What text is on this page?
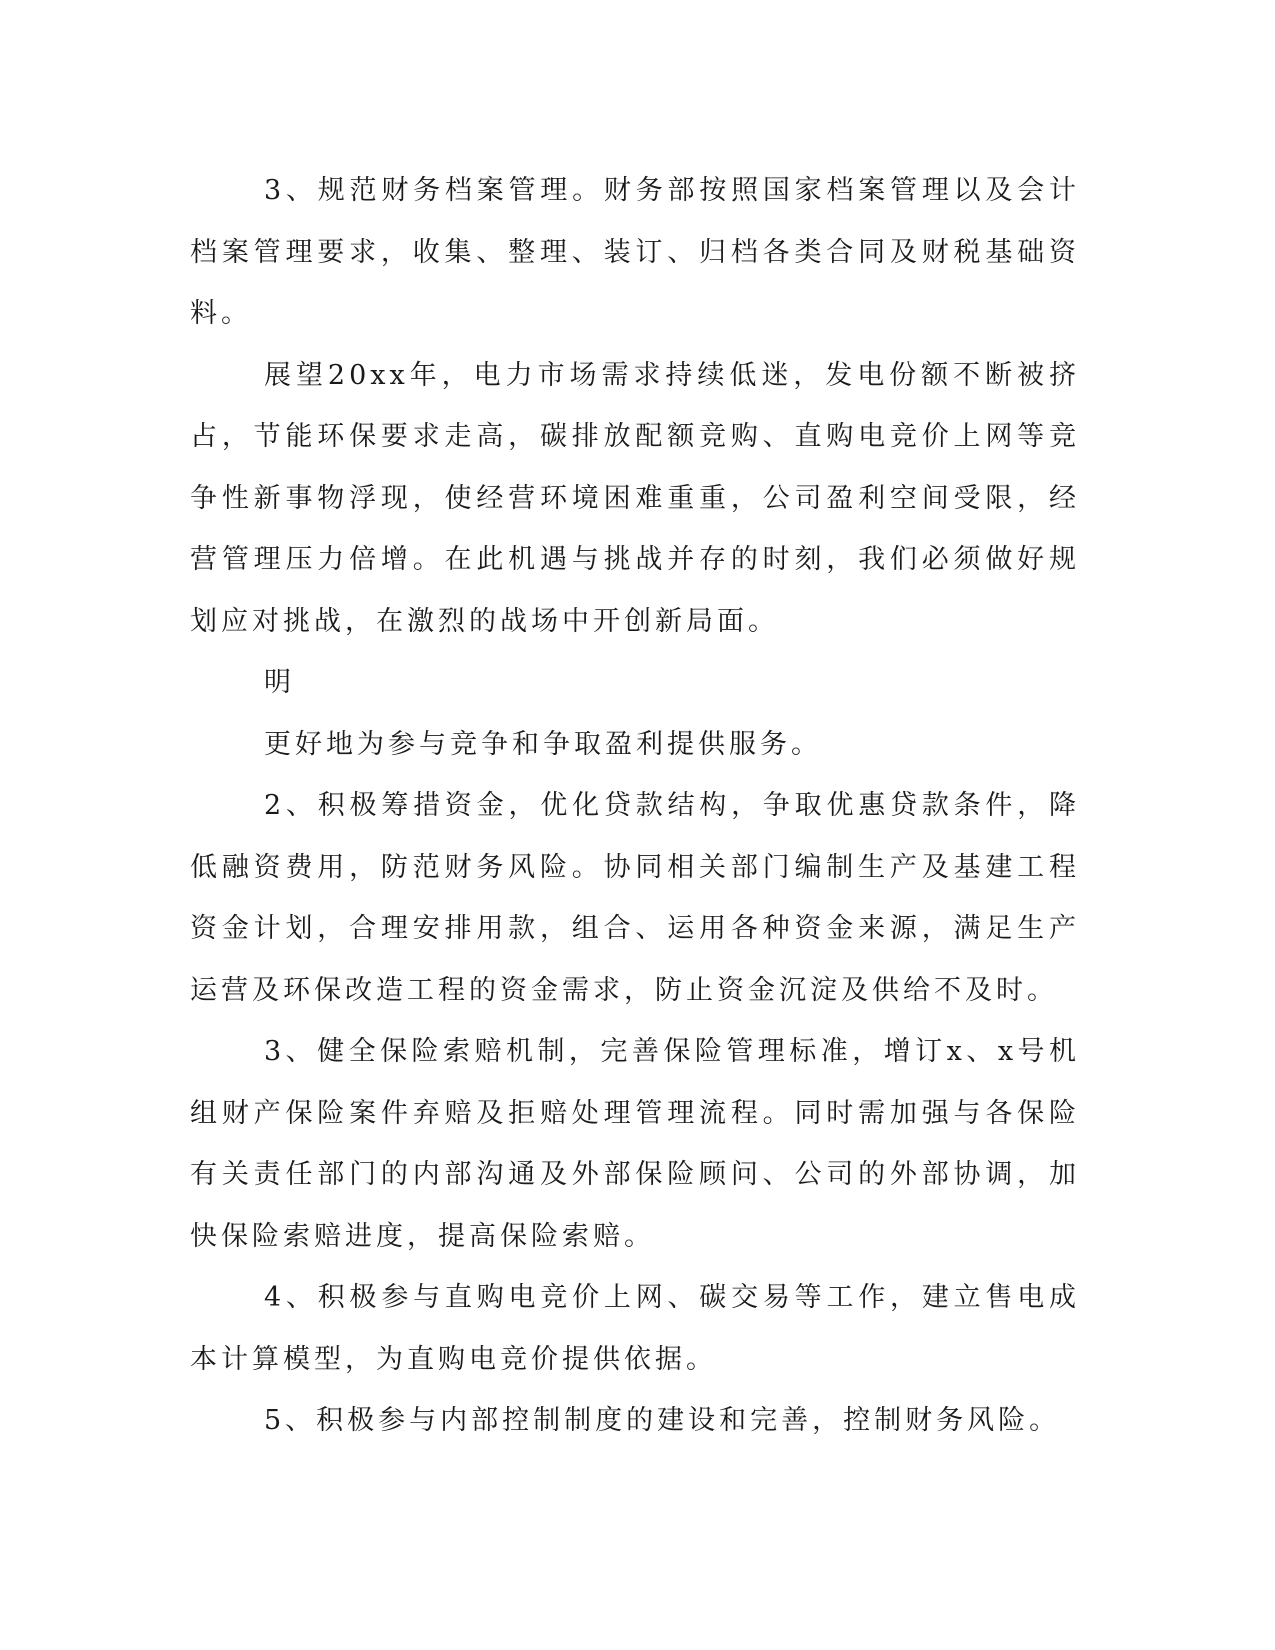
3、规范财务档案管理。财务部按照国家档案管理以及会计档案管理要求，收集、整理、装订、归档各类合同及财税基础资料。

展望20xx年，电力市场需求持续低迷，发电份额不断被挤占，节能环保要求走高，碳排放配额竞购、直购电竞价上网等竞争性新事物浮现，使经营环境困难重重，公司盈利空间受限，经营管理压力倍增。在此机遇与挑战并存的时刻，我们必须做好规划应对挑战，在激烈的战场中开创新局面。

明

更好地为参与竞争和争取盈利提供服务。

2、积极筹措资金，优化贷款结构，争取优惠贷款条件，降低融资费用，防范财务风险。协同相关部门编制生产及基建工程资金计划，合理安排用款，组合、运用各种资金来源，满足生产运营及环保改造工程的资金需求，防止资金沉淀及供给不及时。

3、健全保险索赔机制，完善保险管理标准，增订x、x号机组财产保险案件弃赔及拒赔处理管理流程。同时需加强与各保险有关责任部门的内部沟通及外部保险顾问、公司的外部协调，加快保险索赔进度，提高保险索赔。

4、积极参与直购电竞价上网、碳交易等工作，建立售电成本计算模型，为直购电竞价提供依据。

5、积极参与内部控制制度的建设和完善，控制财务风险。
